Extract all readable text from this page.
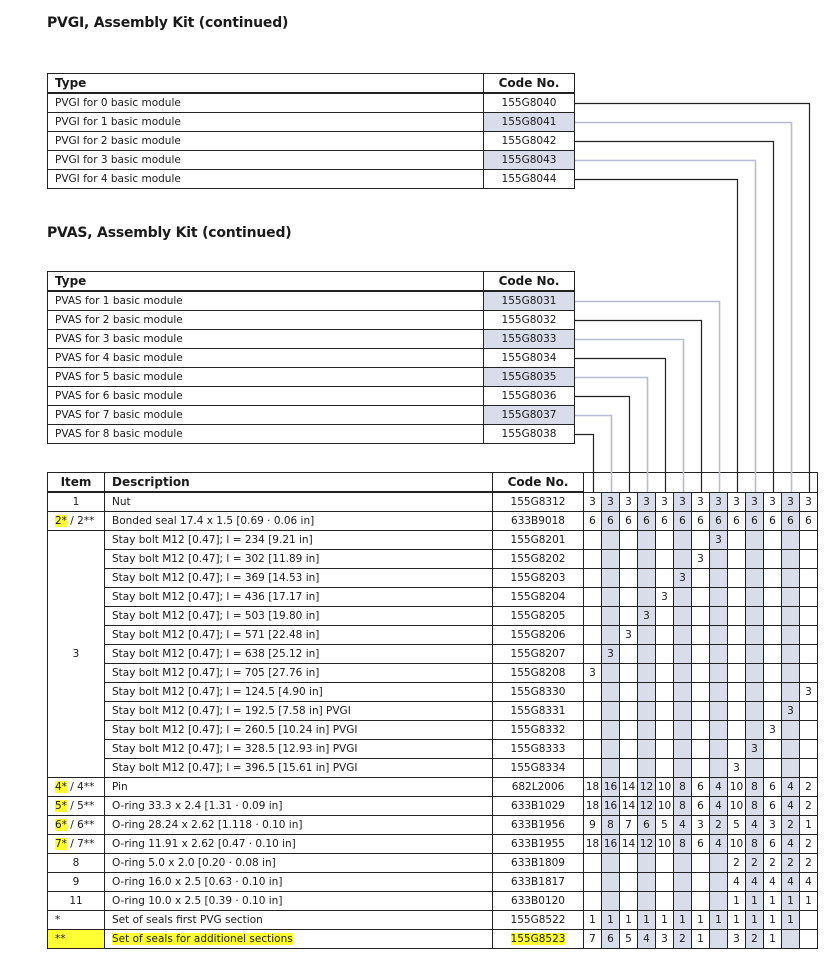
PVGI, Assembly Kit (continued)
Type	Code No.
PVGI for 0 basic module	155G8040
PVGI for 1 basic module	155G8041
PVGI for 2 basic module	155G8042
PVGI for 3 basic module	155G8043
PVGI for 4 basic module	155G8044
PVAS, Assembly Kit (continued)
Type	Code No.
PVAS for 1 basic module	155G8031
PVAS for 2 basic module	155G8032
PVAS for 3 basic module	155G8033
PVAS for 4 basic module	155G8034
PVAS for 5 basic module	155G8035
PVAS for 6 basic module	155G8036
PVAS for 7 basic module	155G8037
PVAS for 8 basic module	155G8038
Item	Description	Code No.													
1	Nut	155G8312	3	3	3	3	3	3	3	3	3	3	3	3	3
2* / 2**	Bonded seal 17.4 x 1.5 [0.69 · 0.06 in]	633B9018	6	6	6	6	6	6	6	6	6	6	6	6	6
3	Stay bolt M12 [0.47]; l = 234 [9.21 in]	155G8201								3					
	Stay bolt M12 [0.47]; l = 302 [11.89 in]	155G8202							3						
	Stay bolt M12 [0.47]; l = 369 [14.53 in]	155G8203						3							
	Stay bolt M12 [0.47]; l = 436 [17.17 in]	155G8204					3								
	Stay bolt M12 [0.47]; l = 503 [19.80 in]	155G8205				3									
	Stay bolt M12 [0.47]; l = 571 [22.48 in]	155G8206			3										
	Stay bolt M12 [0.47]; l = 638 [25.12 in]	155G8207		3											
	Stay bolt M12 [0.47]; l = 705 [27.76 in]	155G8208	3												
	Stay bolt M12 [0.47]; l = 124.5 [4.90 in]	155G8330													3
	Stay bolt M12 [0.47]; l = 192.5 [7.58 in] PVGI	155G8331												3	
	Stay bolt M12 [0.47]; l = 260.5 [10.24 in] PVGI	155G8332											3		
	Stay bolt M12 [0.47]; l = 328.5 [12.93 in] PVGI	155G8333										3			
	Stay bolt M12 [0.47]; l = 396.5 [15.61 in] PVGI	155G8334									3				
4* / 4**	Pin	682L2006	18	16	14	12	10	8	6	4	10	8	6	4	2
5* / 5**	O-ring 33.3 x 2.4 [1.31 · 0.09 in]	633B1029	18	16	14	12	10	8	6	4	10	8	6	4	2
6* / 6**	O-ring 28.24 x 2.62 [1.118 · 0.10 in]	633B1956	9	8	7	6	5	4	3	2	5	4	3	2	1
7* / 7**	O-ring 11.91 x 2.62 [0.47 · 0.10 in]	633B1955	18	16	14	12	10	8	6	4	10	8	6	4	2
8	O-ring 5.0 x 2.0 [0.20 · 0.08 in]	633B1809									2	2	2	2	2
9	O-ring 16.0 x 2.5 [0.63 · 0.10 in]	633B1817									4	4	4	4	4
11	O-ring 10.0 x 2.5 [0.39 · 0.10 in]	633B0120									1	1	1	1	1
*	Set of seals first PVG section	155G8522	1	1	1	1	1	1	1	1	1	1	1	1	
**	Set of seals for additionel sections	155G8523	7	6	5	4	3	2	1		3	2	1		
